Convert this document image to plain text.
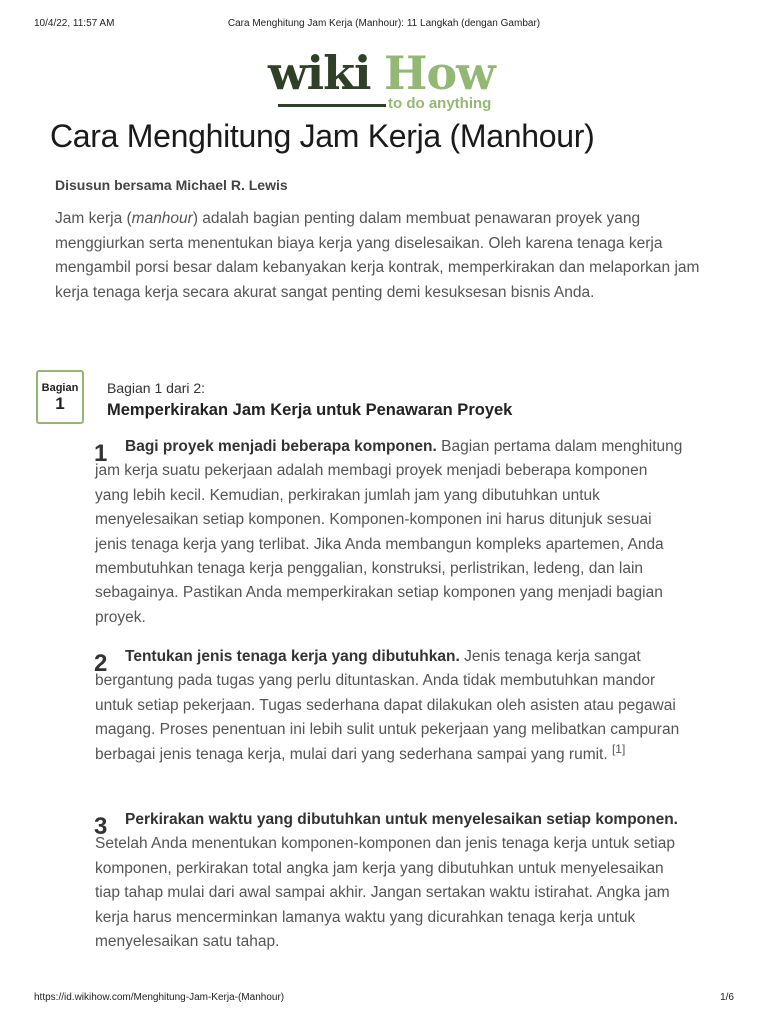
10/4/22, 11:57 AM	Cara Menghitung Jam Kerja (Manhour): 11 Langkah (dengan Gambar)
wiki How
to do anything
Cara Menghitung Jam Kerja (Manhour)
Disusun bersama Michael R. Lewis

Jam kerja (manhour) adalah bagian penting dalam membuat penawaran proyek yang menggiurkan serta menentukan biaya kerja yang diselesaikan. Oleh karena tenaga kerja mengambil porsi besar dalam kebanyakan kerja kontrak, memperkirakan dan melaporkan jam kerja tenaga kerja secara akurat sangat penting demi kesuksesan bisnis Anda.

Bagian
1
Bagian 1 dari 2:
Memperkirakan Jam Kerja untuk Penawaran Proyek
1	Bagi proyek menjadi beberapa komponen. Bagian pertama dalam menghitung jam kerja suatu pekerjaan adalah membagi proyek menjadi beberapa komponen yang lebih kecil. Kemudian, perkirakan jumlah jam yang dibutuhkan untuk menyelesaikan setiap komponen. Komponen-komponen ini harus ditunjuk sesuai jenis tenaga kerja yang terlibat. Jika Anda membangun kompleks apartemen, Anda membutuhkan tenaga kerja penggalian, konstruksi, perlistrikan, ledeng, dan lain sebagainya. Pastikan Anda memperkirakan setiap komponen yang menjadi bagian proyek.

2	Tentukan jenis tenaga kerja yang dibutuhkan. Jenis tenaga kerja sangat bergantung pada tugas yang perlu dituntaskan. Anda tidak membutuhkan mandor untuk setiap pekerjaan. Tugas sederhana dapat dilakukan oleh asisten atau pegawai magang. Proses penentuan ini lebih sulit untuk pekerjaan yang melibatkan campuran berbagai jenis tenaga kerja, mulai dari yang sederhana sampai yang rumit. [1]

3	Perkirakan waktu yang dibutuhkan untuk menyelesaikan setiap komponen. Setelah Anda menentukan komponen-komponen dan jenis tenaga kerja untuk setiap komponen, perkirakan total angka jam kerja yang dibutuhkan untuk menyelesaikan tiap tahap mulai dari awal sampai akhir. Jangan sertakan waktu istirahat. Angka jam kerja harus mencerminkan lamanya waktu yang dicurahkan tenaga kerja untuk menyelesaikan satu tahap.

https://id.wikihow.com/Menghitung-Jam-Kerja-(Manhour)	1/6
